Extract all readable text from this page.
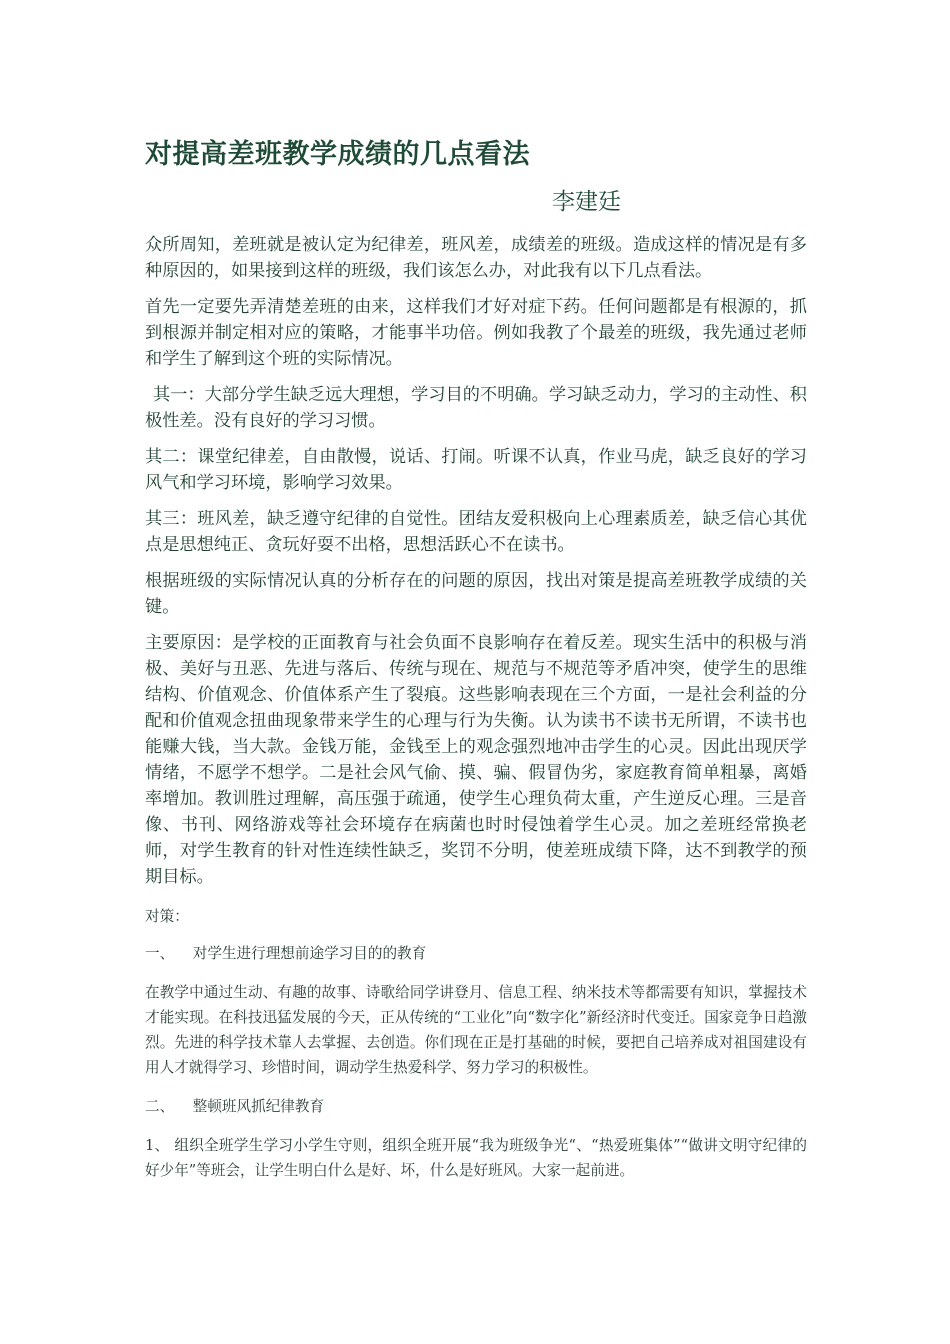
对提高差班教学成绩的几点看法
李建廷

众所周知，差班就是被认定为纪律差，班风差，成绩差的班级。造成这样的情况是有多种原因的，如果接到这样的班级，我们该怎么办，对此我有以下几点看法。

首先一定要先弄清楚差班的由来，这样我们才好对症下药。任何问题都是有根源的，抓到根源并制定相对应的策略，才能事半功倍。例如我教了个最差的班级，我先通过老师和学生了解到这个班的实际情况。

其一：大部分学生缺乏远大理想，学习目的不明确。学习缺乏动力，学习的主动性、积极性差。没有良好的学习习惯。

其二：课堂纪律差，自由散慢，说话、打闹。听课不认真，作业马虎，缺乏良好的学习风气和学习环境，影响学习效果。

其三：班风差，缺乏遵守纪律的自觉性。团结友爱积极向上心理素质差，缺乏信心其优点是思想纯正、贪玩好耍不出格，思想活跃心不在读书。

根据班级的实际情况认真的分析存在的问题的原因，找出对策是提高差班教学成绩的关键。

主要原因：是学校的正面教育与社会负面不良影响存在着反差。现实生活中的积极与消极、美好与丑恶、先进与落后、传统与现在、规范与不规范等矛盾冲突，使学生的思维结构、价值观念、价值体系产生了裂痕。这些影响表现在三个方面，一是社会利益的分配和价值观念扭曲现象带来学生的心理与行为失衡。认为读书不读书无所谓，不读书也能赚大钱，当大款。金钱万能，金钱至上的观念强烈地冲击学生的心灵。因此出现厌学情绪，不愿学不想学。二是社会风气偷、摸、骗、假冒伪劣，家庭教育简单粗暴，离婚率增加。教训胜过理解，高压强于疏通，使学生心理负荷太重，产生逆反心理。三是音像、书刊、网络游戏等社会环境存在病菌也时时侵蚀着学生心灵。加之差班经常换老师，对学生教育的针对性连续性缺乏，奖罚不分明，使差班成绩下降，达不到教学的预期目标。

对策：

一、    对学生进行理想前途学习目的的教育

在教学中通过生动、有趣的故事、诗歌给同学讲登月、信息工程、纳米技术等都需要有知识，掌握技术才能实现。在科技迅猛发展的今天，正从传统的“工业化”向“数字化”新经济时代变迁。国家竞争日趋激烈。先进的科学技术靠人去掌握、去创造。你们现在正是打基础的时候，要把自己培养成对祖国建设有用人才就得学习、珍惜时间，调动学生热爱科学、努力学习的积极性。

二、    整顿班风抓纪律教育

1、 组织全班学生学习小学生守则，组织全班开展“我为班级争光“、“热爱班集体”“做讲文明守纪律的好少年”等班会，让学生明白什么是好、坏，什么是好班风。大家一起前进。
